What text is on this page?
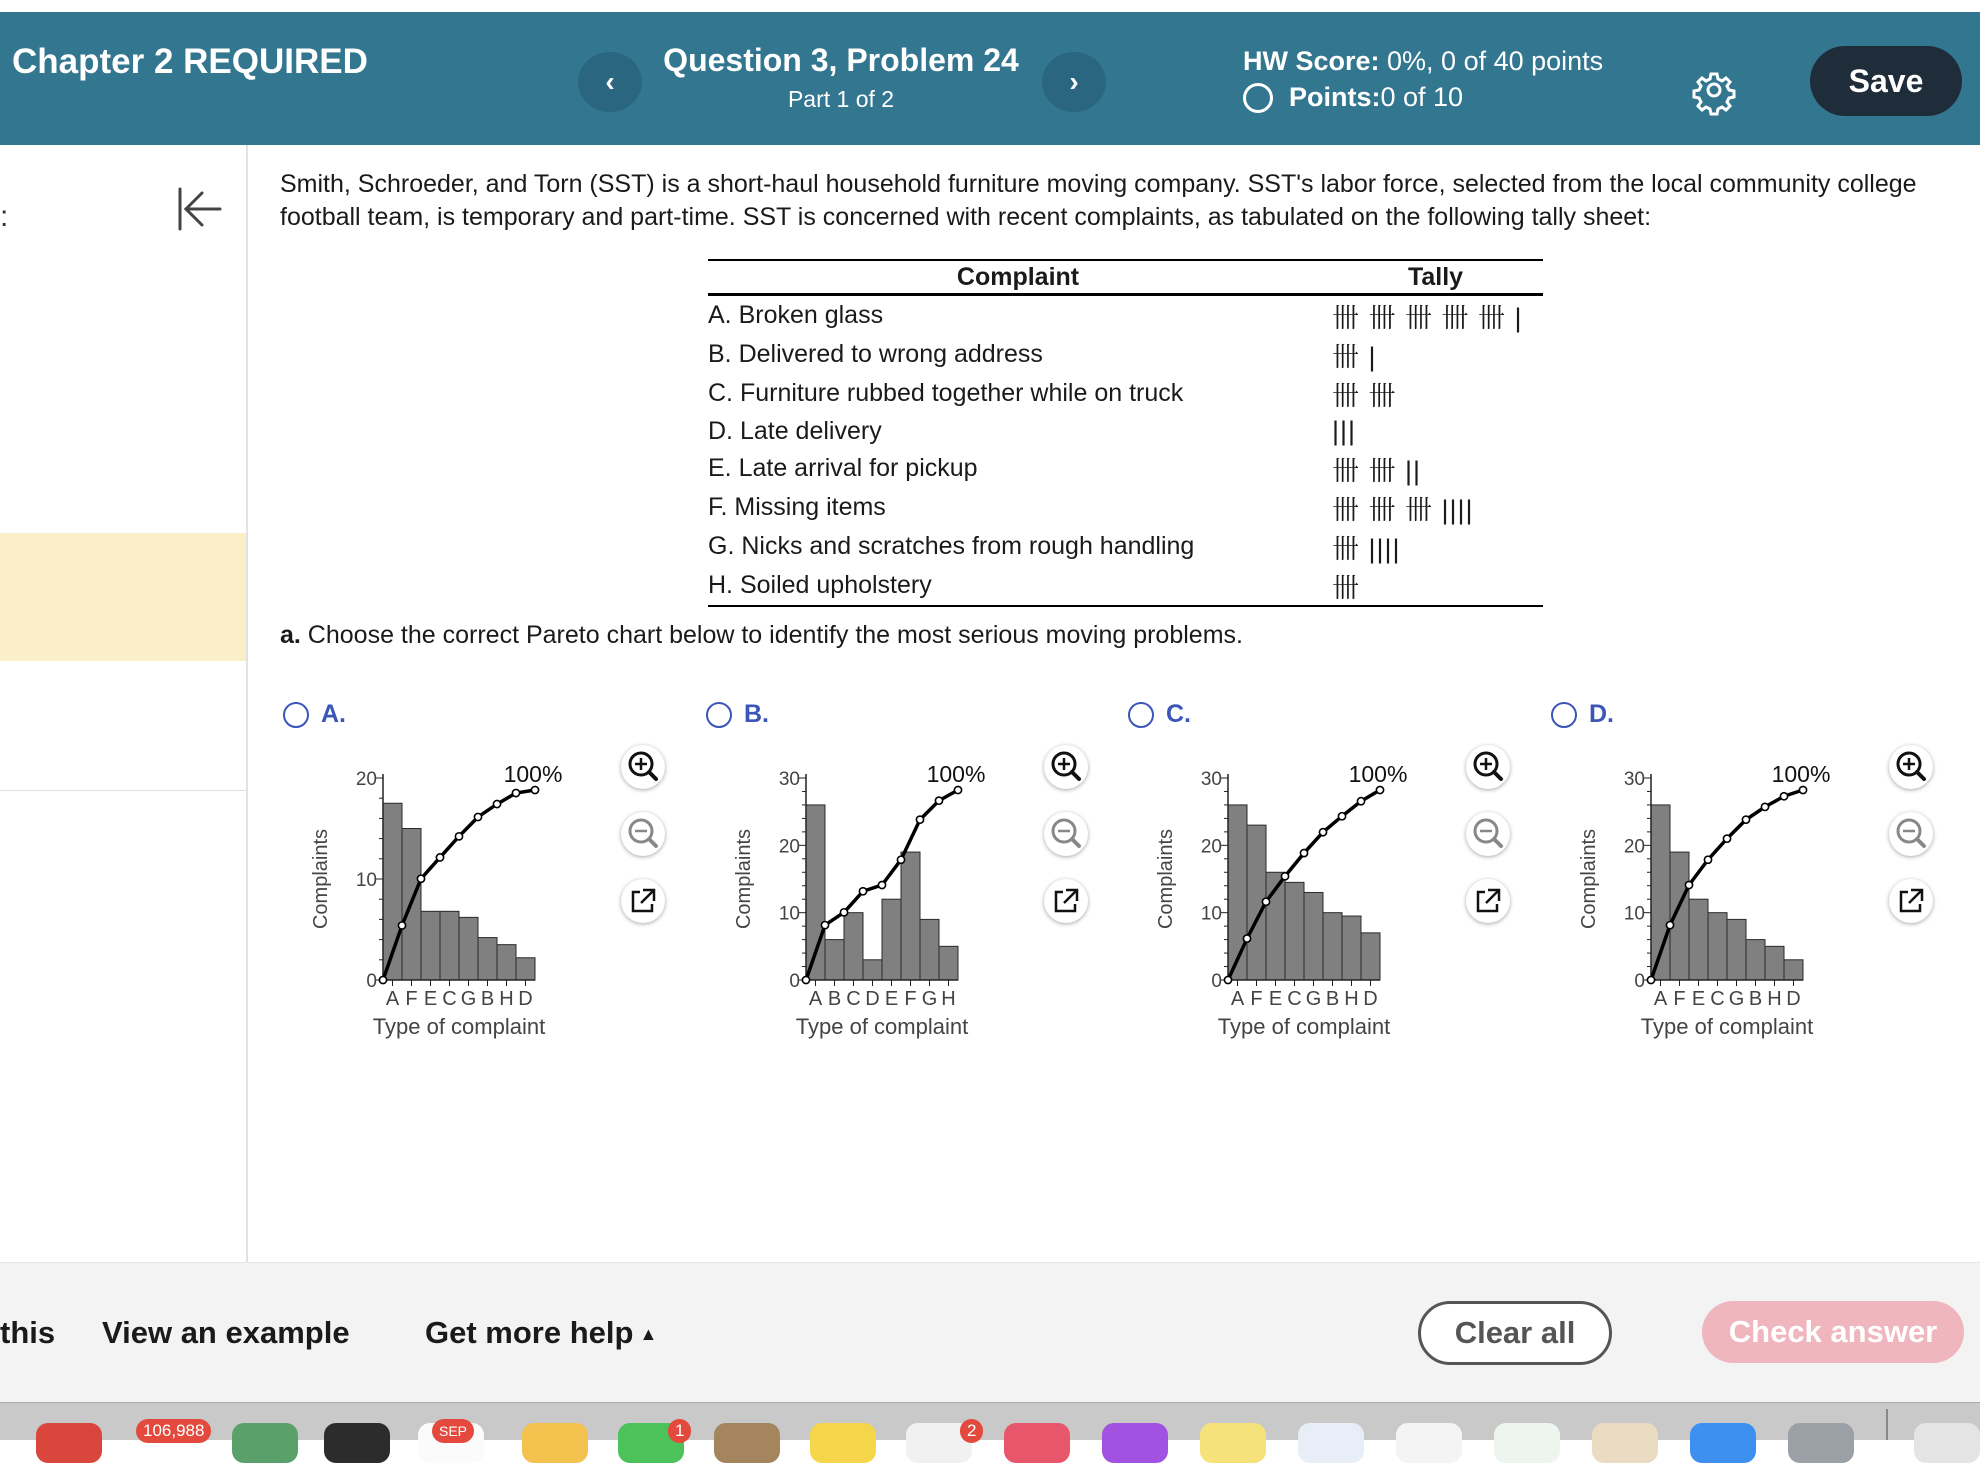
Chapter 2 REQUIRED
‹
Question 3, Problem 24
Part 1 of 2
›
HW Score: 0%, 0 of 40 points
Points: 0 of 10	Save
:
Smith, Schroeder, and Torn (SST) is a short-haul household furniture moving company. SST's labor force, selected from the local community college football team, is temporary and part-time. SST is concerned with recent complaints, as tabulated on the following tally sheet:
Complaint	Tally
A. Broken glass	卌 卌 卌 卌 卌 |
B. Delivered to wrong address	卌 |
C. Furniture rubbed together while on truck	卌 卌
D. Late delivery	|||
E. Late arrival for pickup	卌 卌 ||
F. Missing items	卌 卌 卌 ||||
G. Nicks and scratches from rough handling	卌 ||||
H. Soiled upholstery	卌
a. Choose the correct Pareto chart below to identify the most serious moving problems.
A.
0
10
20
A F E C G B H D
Type of complaint
Complaints
100%
B.
0
10
20
30
A B C D E F G H
Type of complaint
Complaints
100%
C.
0
10
20
30
A F E C G B H D
Type of complaint
Complaints
100%
D.
0
10
20
30
A F E C G B H D
Type of complaint
Complaints
100%
this View an example Get more help ▲	Clear all	Check answer
106,988	SEP	1	2
